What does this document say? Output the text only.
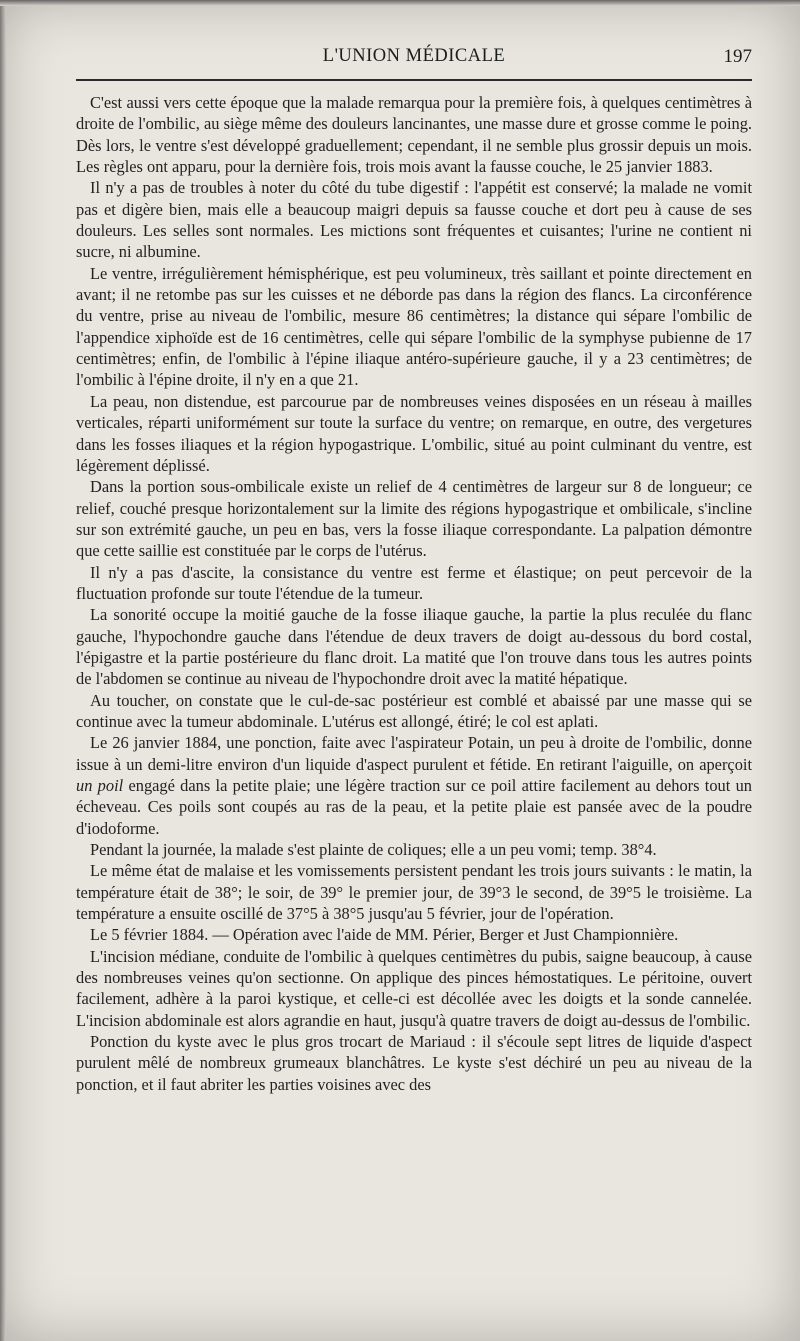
L'UNION MÉDICALE	197

C'est aussi vers cette époque que la malade remarqua pour la première fois, à quelques centimètres à droite de l'ombilic, au siège même des douleurs lancinantes, une masse dure et grosse comme le poing. Dès lors, le ventre s'est développé graduellement; cependant, il ne semble plus grossir depuis un mois. Les règles ont apparu, pour la dernière fois, trois mois avant la fausse couche, le 25 janvier 1883.

Il n'y a pas de troubles à noter du côté du tube digestif : l'appétit est conservé; la malade ne vomit pas et digère bien, mais elle a beaucoup maigri depuis sa fausse couche et dort peu à cause de ses douleurs. Les selles sont normales. Les mictions sont fréquentes et cuisantes; l'urine ne contient ni sucre, ni albumine.

Le ventre, irrégulièrement hémisphérique, est peu volumineux, très saillant et pointe directement en avant; il ne retombe pas sur les cuisses et ne déborde pas dans la région des flancs. La circonférence du ventre, prise au niveau de l'ombilic, mesure 86 centimètres; la distance qui sépare l'ombilic de l'appendice xiphoïde est de 16 centimètres, celle qui sépare l'ombilic de la symphyse pubienne de 17 centimètres; enfin, de l'ombilic à l'épine iliaque antéro-supérieure gauche, il y a 23 centimètres; de l'ombilic à l'épine droite, il n'y en a que 21.

La peau, non distendue, est parcourue par de nombreuses veines disposées en un réseau à mailles verticales, réparti uniformément sur toute la surface du ventre; on remarque, en outre, des vergetures dans les fosses iliaques et la région hypogastrique. L'ombilic, situé au point culminant du ventre, est légèrement déplissé.

Dans la portion sous-ombilicale existe un relief de 4 centimètres de largeur sur 8 de longueur; ce relief, couché presque horizontalement sur la limite des régions hypogastrique et ombilicale, s'incline sur son extrémité gauche, un peu en bas, vers la fosse iliaque correspondante. La palpation démontre que cette saillie est constituée par le corps de l'utérus.

Il n'y a pas d'ascite, la consistance du ventre est ferme et élastique; on peut percevoir de la fluctuation profonde sur toute l'étendue de la tumeur.

La sonorité occupe la moitié gauche de la fosse iliaque gauche, la partie la plus reculée du flanc gauche, l'hypochondre gauche dans l'étendue de deux travers de doigt au-dessous du bord costal, l'épigastre et la partie postérieure du flanc droit. La matité que l'on trouve dans tous les autres points de l'abdomen se continue au niveau de l'hypochondre droit avec la matité hépatique.

Au toucher, on constate que le cul-de-sac postérieur est comblé et abaissé par une masse qui se continue avec la tumeur abdominale. L'utérus est allongé, étiré; le col est aplati.

Le 26 janvier 1884, une ponction, faite avec l'aspirateur Potain, un peu à droite de l'ombilic, donne issue à un demi-litre environ d'un liquide d'aspect purulent et fétide. En retirant l'aiguille, on aperçoit un poil engagé dans la petite plaie; une légère traction sur ce poil attire facilement au dehors tout un écheveau. Ces poils sont coupés au ras de la peau, et la petite plaie est pansée avec de la poudre d'iodoforme.

Pendant la journée, la malade s'est plainte de coliques; elle a un peu vomi; temp. 38°4.

Le même état de malaise et les vomissements persistent pendant les trois jours suivants : le matin, la température était de 38°; le soir, de 39° le premier jour, de 39°3 le second, de 39°5 le troisième. La température a ensuite oscillé de 37°5 à 38°5 jusqu'au 5 février, jour de l'opération.

Le 5 février 1884. — Opération avec l'aide de MM. Périer, Berger et Just Championnière.

L'incision médiane, conduite de l'ombilic à quelques centimètres du pubis, saigne beaucoup, à cause des nombreuses veines qu'on sectionne. On applique des pinces hémostatiques. Le péritoine, ouvert facilement, adhère à la paroi kystique, et celle-ci est décollée avec les doigts et la sonde cannelée. L'incision abdominale est alors agrandie en haut, jusqu'à quatre travers de doigt au-dessus de l'ombilic.

Ponction du kyste avec le plus gros trocart de Mariaud : il s'écoule sept litres de liquide d'aspect purulent mêlé de nombreux grumeaux blanchâtres. Le kyste s'est déchiré un peu au niveau de la ponction, et il faut abriter les parties voisines avec des
